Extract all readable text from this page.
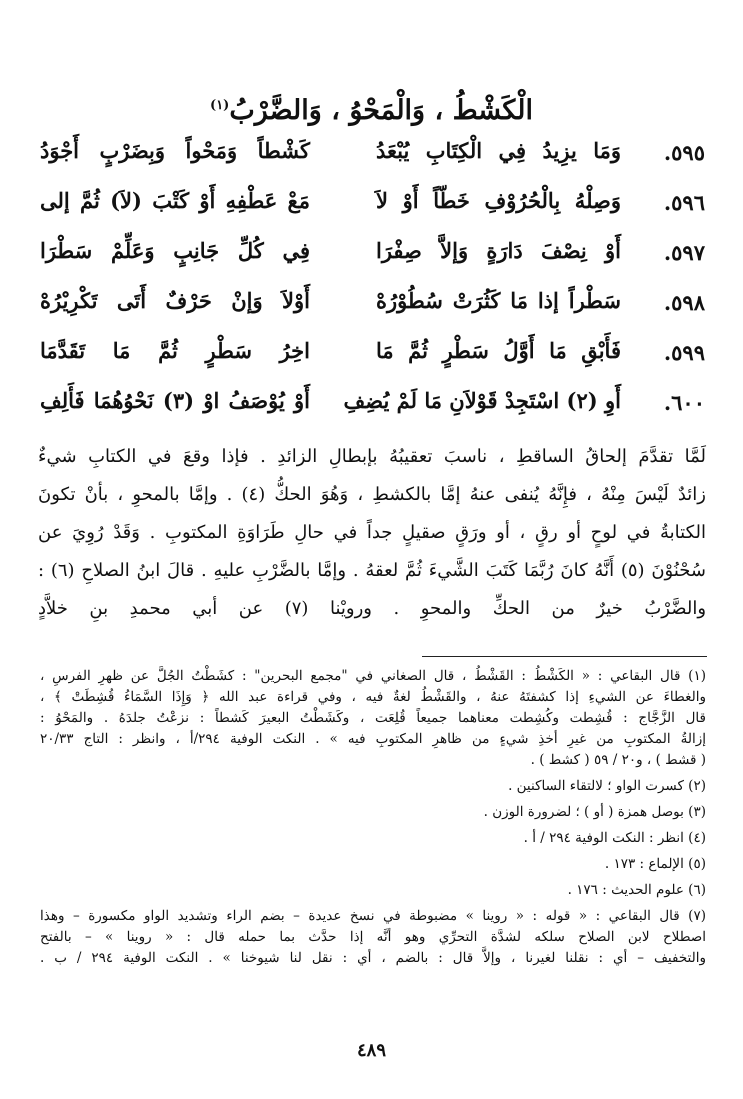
الْكَشْطُ ، وَالْمَحْوُ ، وَالضَّرْبُ$^{(١)}$
٥٩٥.
وَمَا يزِيدُ فِي الْكِتَابِ يُبْعَدُ
كَشْطاً وَمَحْواً وَبِضَرْبٍ أَجْوَدُ
٥٩٦.
وَصِلْهُ بِالْحُرُوْفِ خَطّاً أَوْ لاَ
مَعْ عَطْفِهِ أَوْ كَتْبَ (لاَ) ثُمَّ إلى
٥٩٧.
أَوْ نِصْفَ دَارَةٍ وَإلاَّ صِفْرَا
فِي كُلِّ جَانِبٍ وَعَلِّمْ سَطْرَا
٥٩٨.
سَطْراً إذا مَا كَثُرَتْ سُطُوْرُهْ
أَوْلاَ وَإنْ حَرْفٌ أَتَى تَكْرِيْرُهْ
٥٩٩.
فَأَبْقِ مَا أَوَّلُ سَطْرٍ ثُمَّ مَا
اخِرُ سَطْرٍ ثُمَّ مَا تَقَدَّمَا
٦٠٠.
أَوِ (٢) اسْتَجِدْ قَوْلاَنِ مَا لَمْ يُضِفِ
أَوْ يُوْصَفُ اوْ (٣) نَحْوُهُمَا فَأَلِفِ

لَمَّا تقدَّمَ إلحاقُ الساقطِ ، ناسبَ تعقيبُهُ بإبطالِ الزائدِ . فإذا وقعَ في الكتابِ شيءٌ

زائدٌ لَيْسَ مِنْهُ ، فإِنَّهُ يُنفى عنهُ إمَّا بالكشطِ ، وَهُوَ الحكُّ (٤) . وإمَّا بالمحوِ ، بأنْ تكونَ

الكتابةُ في لوحٍ أو رقٍ ، أو ورَقٍ صقيلٍ جداً في حالِ طَرَاوَةِ المكتوبِ . وَقَدْ رُوِيَ عن

سُحْنُوْنَ (٥) أَنَّهُ كانَ رُبَّمَا كَتَبَ الشَّيءَ ثُمَّ لعقهُ . وإمَّا بالضَّرْبِ عليهِ . قالَ ابنُ الصلاحِ (٦) :

والضَّرْبُ خيرٌ من الحكِّ والمحوِ . ورويْنا (٧) عن أبي محمدِ بنِ خلاَّدٍ

(١) قال البقاعي : « الكَشْطُ : القَشْطُ ، قال الصغاني في "مجمع البحرين" : كشَطْتُ الجُلَّ عن ظهرِ الفرسِ ،
والغطاءَ عن الشيءِ إذا كشفتَهُ عنهُ ، والقَشْطُ لغةٌ فيه ، وفي قراءة عبد الله ﴿ وَإِذَا السَّمَاءُ قُشِطَتْ ﴾ ،
قال الزَّجَّاج : قُشِطت وكُشِطت معناهما جميعاً قُلِعَت ، وكَشَطْتُ البعيرَ كَشطاً : نزعْتُ جلدَهُ . والمَحْوُ :
إزالةُ المكتوبِ من غيرِ أخذِ شيءٍ من ظاهرِ المكتوبِ فيه » . النكت الوفية ٢٩٤/أ ، وانظر : التاج ٢٠/٣٣
( قشط ) ، و٢٠ / ٥٩ ( كشط ) .
(٢) كسرت الواو ؛ لالتقاء الساكنين .
(٣) بوصل همزة ( أو ) ؛ لضرورة الوزن .
(٤) انظر : النكت الوفية ٢٩٤ / أ .
(٥) الإلماع : ١٧٣ .
(٦) علوم الحديث : ١٧٦ .
(٧) قال البقاعي : « قوله : « روينا » مضبوطة في نسخ عديدة – بضم الراء وتشديد الواو مكسورة – وهذا
اصطلاح لابن الصلاح سلكه لشدَّة التحرِّي وهو أنَّه إذا حدَّث بما حمله قال : « روينا » – بالفتح
والتخفيف – أي : نقلنا لغيرنا ، وإلاَّ قال : بالضم ، أي : نقل لنا شيوخنا » . النكت الوفية ٢٩٤ / ب .
٤٨٩
